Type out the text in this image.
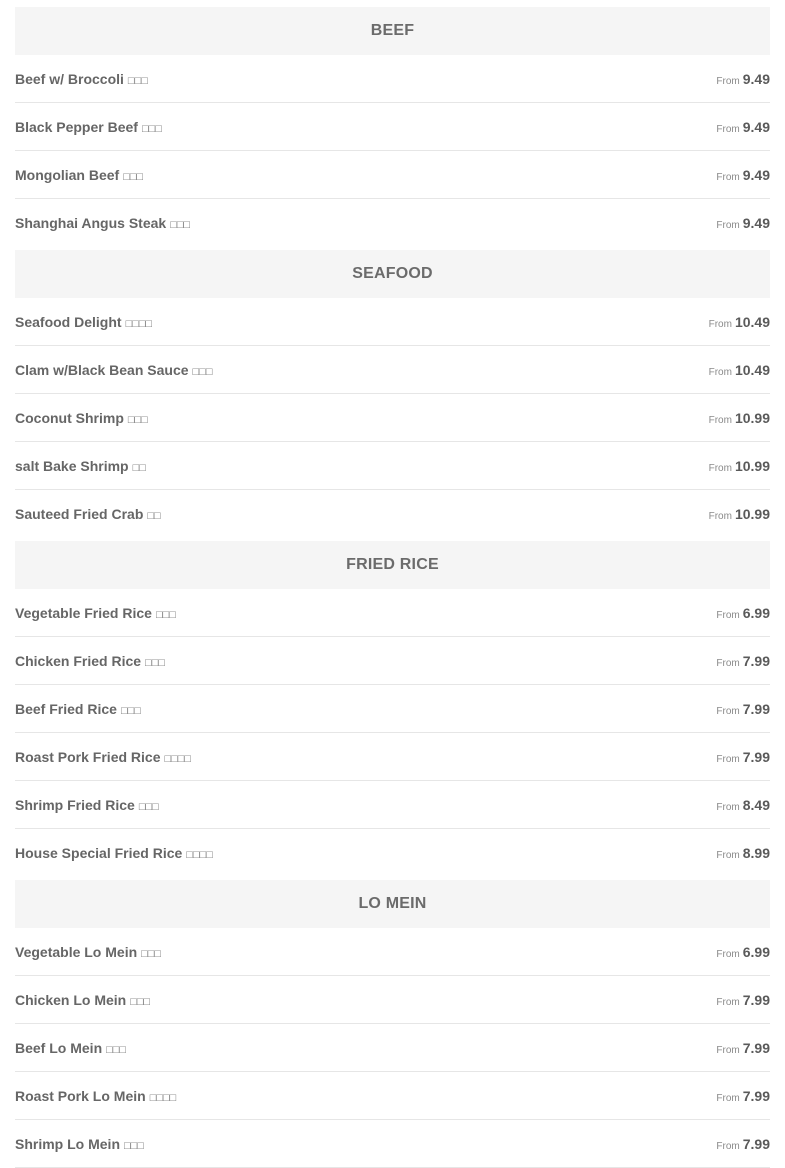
BEEF
Beef w/ Broccoli □□□	From 9.49
Black Pepper Beef □□□	From 9.49
Mongolian Beef □□□	From 9.49
Shanghai Angus Steak □□□	From 9.49
SEAFOOD
Seafood Delight □□□□	From 10.49
Clam w/Black Bean Sauce □□□	From 10.49
Coconut Shrimp □□□	From 10.99
salt Bake Shrimp □□	From 10.99
Sauteed Fried Crab □□	From 10.99
FRIED RICE
Vegetable Fried Rice □□□	From 6.99
Chicken Fried Rice □□□	From 7.99
Beef Fried Rice □□□	From 7.99
Roast Pork Fried Rice □□□□	From 7.99
Shrimp Fried Rice □□□	From 8.49
House Special Fried Rice □□□□	From 8.99
LO MEIN
Vegetable Lo Mein □□□	From 6.99
Chicken Lo Mein □□□	From 7.99
Beef Lo Mein □□□	From 7.99
Roast Pork Lo Mein □□□□	From 7.99
Shrimp Lo Mein □□□	From 7.99
